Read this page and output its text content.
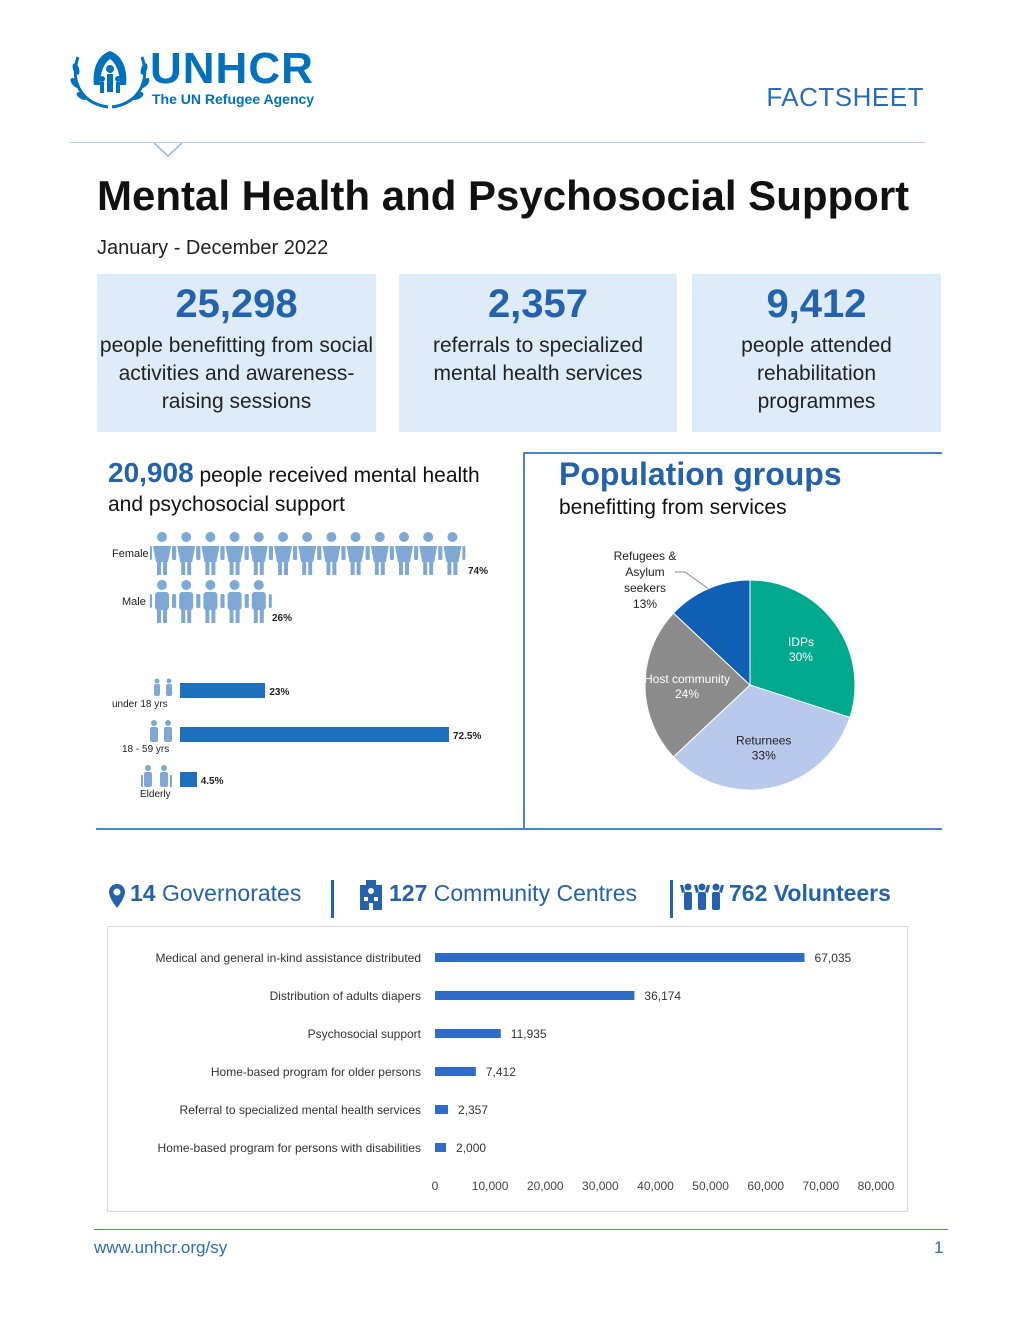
UNHCR
The UN Refugee Agency	FACTSHEET
Mental Health and Psychosocial Support
January - December 2022
25,298
people benefitting from social activities and awareness-raising sessions
2,357
referrals to specialized mental health services
9,412
people attended rehabilitation programmes
20,908 people received mental health and psychosocial support
Female
Male
74%
26%
under 18 yrs
18 - 59 yrs
Elderly
23%
72.5%
4.5%
Population groups
benefitting from services
IDPs
30%
Returnees
33%
Host community
24%
Refugees & Asylum seekers
13%
14 Governorates	127 Community Centres	762 Volunteers
0	10,000 20,000 30,000 40,000 50,000 60,000 70,000 80,000
Medical and general in-kind assistance distributed	67,035
Distribution of adults diapers	36,174
Psychosocial support	11,935
Home-based program for older persons	7,412
Referral to specialized mental health services	2,357
Home-based program for persons with disabilities	2,000
www.unhcr.org/sy	1
